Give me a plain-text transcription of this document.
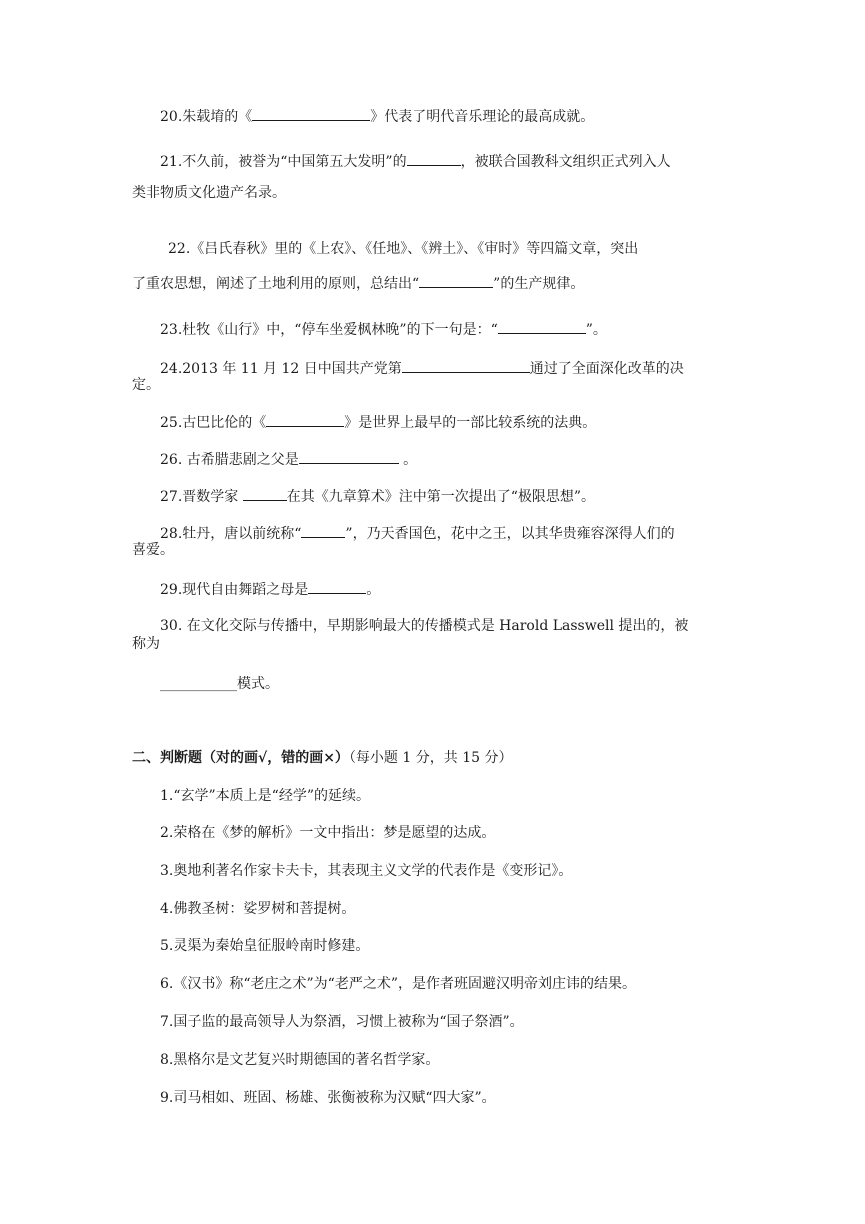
20.朱载堉的《	》代表了明代音乐理论的最高成就。
21.不久前，被誉为“中国第五大发明”的	，被联合国教科文组织正式列入人
类非物质文化遗产名录。
22.《吕氏春秋》里的《上农》、《任地》、《辨土》、《审时》等四篇文章，突出
了重农思想，阐述了土地利用的原则，总结出“	”的生产规律。
23.杜牧《山行》中，“停车坐爱枫林晚”的下一句是：“	”。
24.2013 年 11 月 12 日中国共产党第	通过了全面深化改革的决
定。
25.古巴比伦的《	》是世界上最早的一部比较系统的法典。
26. 古希腊悲剧之父是	。
27.晋数学家	在其《九章算术》注中第一次提出了“极限思想”。
28.牡丹，唐以前统称“	”，乃天香国色，花中之王，以其华贵雍容深得人们的
喜爱。
29.现代自由舞蹈之母是	。
30. 在文化交际与传播中，早期影响最大的传播模式是 Harold Lasswell 提出的，被
称为
___________模式。
二、判断题（对的画√，错的画×）（每小题 1 分，共 15 分）
1.“玄学”本质上是“经学”的延续。
2.荣格在《梦的解析》一文中指出：梦是愿望的达成。
3.奥地利著名作家卡夫卡，其表现主义文学的代表作是《变形记》。
4.佛教圣树：娑罗树和菩提树。
5.灵渠为秦始皇征服岭南时修建。
6.《汉书》称“老庄之术”为“老严之术”，是作者班固避汉明帝刘庄讳的结果。
7.国子监的最高领导人为祭酒，习惯上被称为“国子祭酒”。
8.黑格尔是文艺复兴时期德国的著名哲学家。
9.司马相如、班固、杨雄、张衡被称为汉赋“四大家”。
